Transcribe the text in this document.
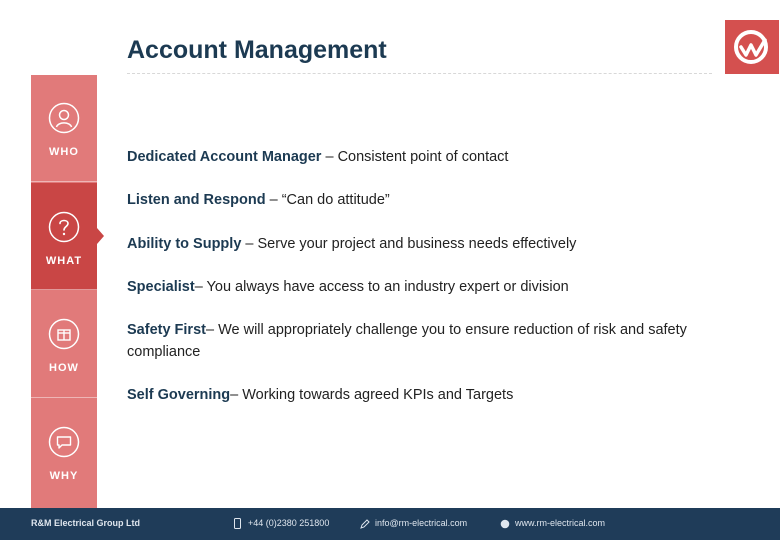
Account Management
WHO
WHAT
HOW
WHY
Dedicated Account Manager – Consistent point of contact
Listen and Respond – “Can do attitude”
Ability to Supply – Serve your project and business needs effectively
Specialist– You always have access to an industry expert or division
Safety First– We will appropriately challenge you to ensure reduction of risk and safety compliance
Self Governing– Working towards agreed KPIs and Targets
R&M Electrical Group Ltd	+44 (0)2380 251800	info@rm-electrical.com	www.rm-electrical.com
